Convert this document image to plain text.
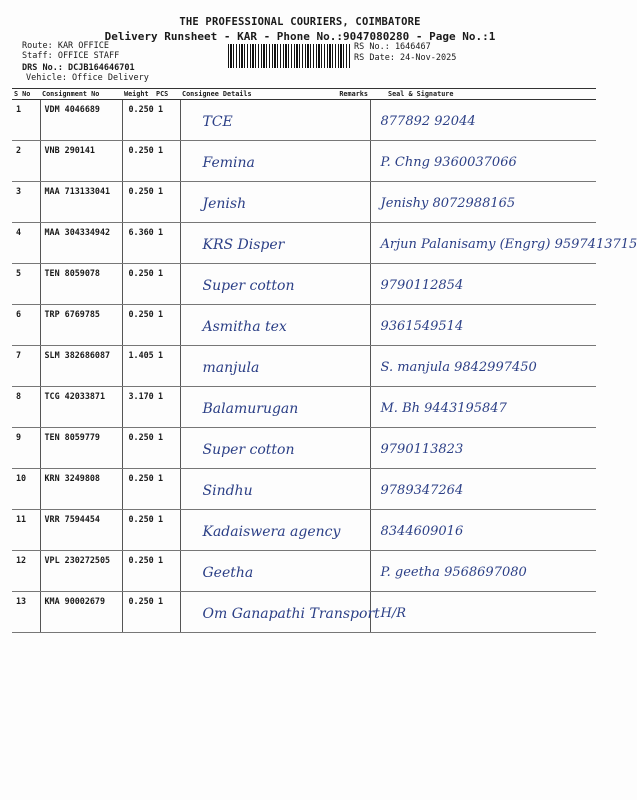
THE PROFESSIONAL COURIERS, COIMBATORE
Delivery Runsheet - KAR - Phone No.:9047080280 - Page No.:1
Route: KAR OFFICE
Staff: OFFICE STAFF
DRS No.: DCJB164646701
Vehicle: Office Delivery
RS No.: 1646467
RS Date: 24-Nov-2025
S No	Consignment No	Weight	PCS	Consignee Details	Remarks	Seal & Signature
1	VDM 4046689	0.250	1	TCE		877892 92044
2	VNB 290141	0.250	1	Femina		P. Chng 9360037066
3	MAA 713133041	0.250	1	Jenish		Jenishy 8072988165
4	MAA 304334942	6.360	1	KRS Disper		Arjun Palanisamy (Engrg) 9597413715
5	TEN 8059078	0.250	1	Super cotton		9790112854
6	TRP 6769785	0.250	1	Asmitha tex		9361549514
7	SLM 382686087	1.405	1	manjula		S. manjula 9842997450
8	TCG 42033871	3.170	1	Balamurugan		M. Bh 9443195847
9	TEN 8059779	0.250	1	Super cotton		9790113823
10	KRN 3249808	0.250	1	Sindhu		9789347264
11	VRR 7594454	0.250	1	Kadaiswera agency		8344609016
12	VPL 230272505	0.250	1	Geetha		P. geetha 9568697080
13	KMA 90002679	0.250	1	Om Ganapathi Transport		H/R
